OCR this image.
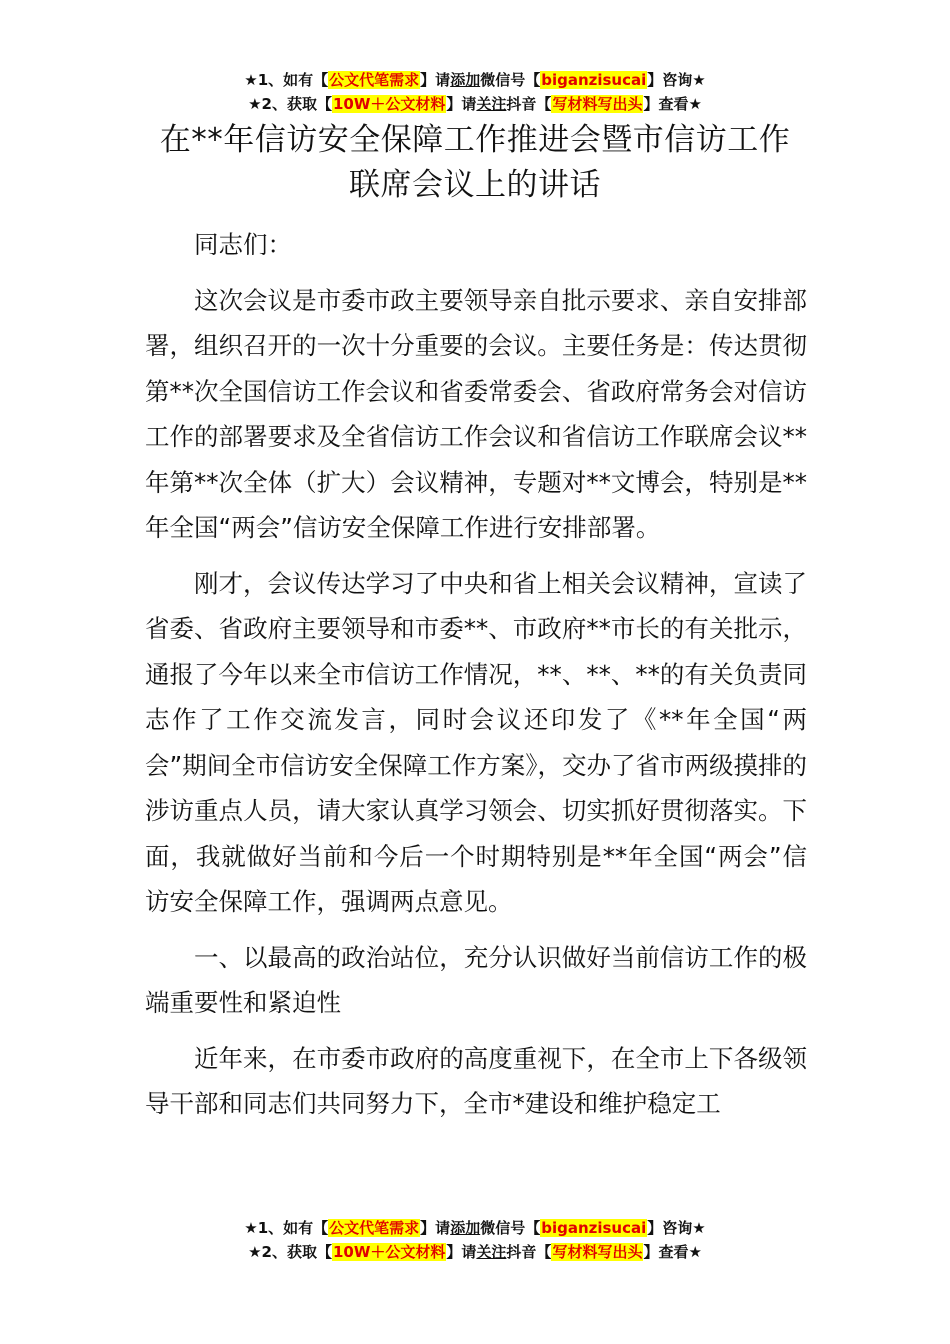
★1、如有【公文代笔需求】请添加微信号【biganzisucai】咨询★
★2、获取【10W＋公文材料】请关注抖音【写材料写出头】查看★
在**年信访安全保障工作推进会暨市信访工作联席会议上的讲话

同志们：

这次会议是市委市政主要领导亲自批示要求、亲自安排部署，组织召开的一次十分重要的会议。主要任务是：传达贯彻第**次全国信访工作会议和省委常委会、省政府常务会对信访工作的部署要求及全省信访工作会议和省信访工作联席会议**年第**次全体（扩大）会议精神，专题对**文博会，特别是**年全国“两会”信访安全保障工作进行安排部署。

刚才，会议传达学习了中央和省上相关会议精神，宣读了省委、省政府主要领导和市委**、市政府**市长的有关批示，通报了今年以来全市信访工作情况，**、**、**的有关负责同志作了工作交流发言，同时会议还印发了《**年全国“两会”期间全市信访安全保障工作方案》，交办了省市两级摸排的涉访重点人员，请大家认真学习领会、切实抓好贯彻落实。下面，我就做好当前和今后一个时期特别是**年全国“两会”信访安全保障工作，强调两点意见。

一、以最高的政治站位，充分认识做好当前信访工作的极端重要性和紧迫性

近年来，在市委市政府的高度重视下，在全市上下各级领导干部和同志们共同努力下，全市*建设和维护稳定工

★1、如有【公文代笔需求】请添加微信号【biganzisucai】咨询★
★2、获取【10W＋公文材料】请关注抖音【写材料写出头】查看★
